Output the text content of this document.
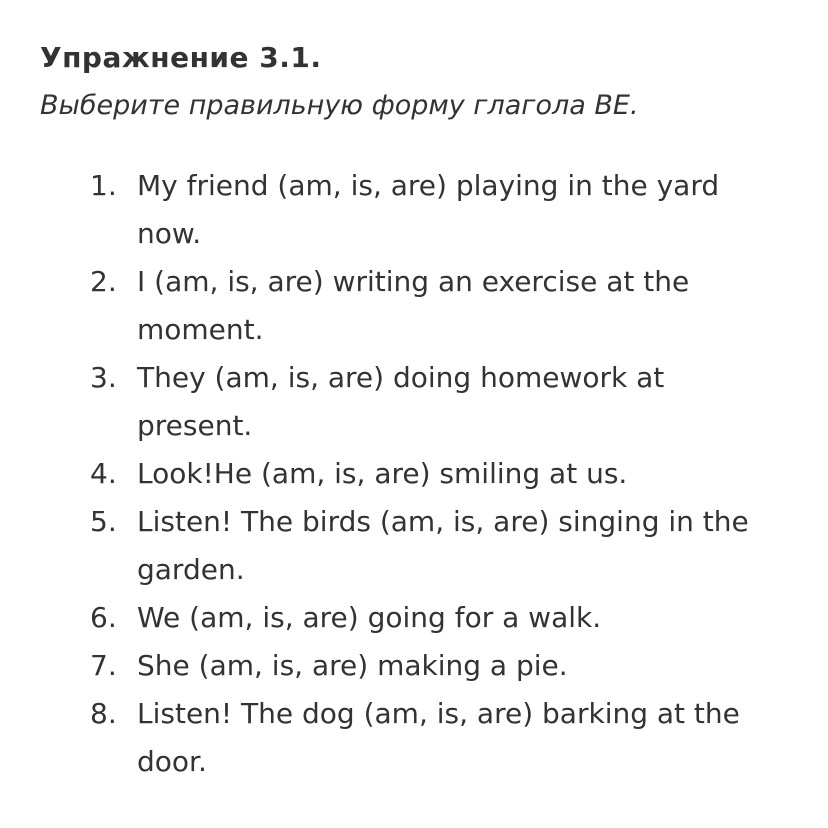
Упражнение 3.1.

Выберите правильную форму глагола BE.

1. My friend (am, is, are) playing in the yard now.
2. I (am, is, are) writing an exercise at the moment.
3. They (am, is, are) doing homework at present.
4. Look!He (am, is, are) smiling at us.
5. Listen! The birds (am, is, are) singing in the garden.
6. We (am, is, are) going for a walk.
7. She (am, is, are) making a pie.
8. Listen! The dog (am, is, are) barking at the door.
